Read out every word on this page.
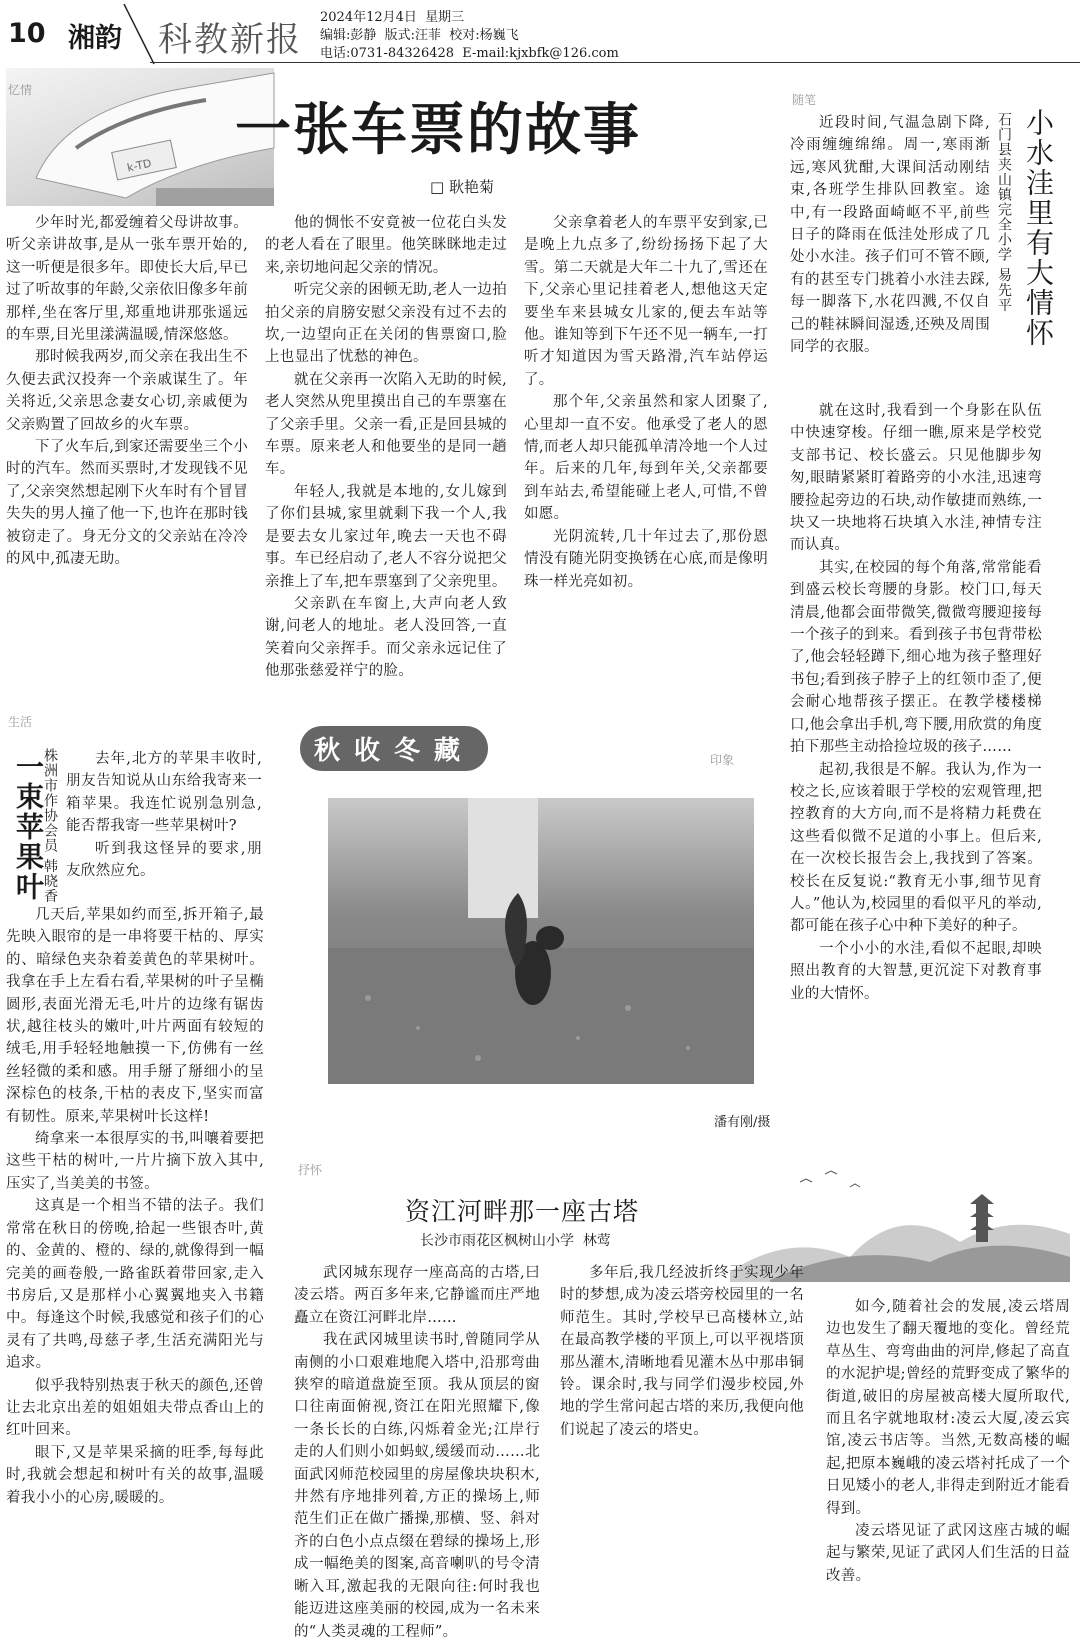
10 湘韵 科教新报
2024年12月4日  星期三
编辑:彭静  版式:汪菲  校对:杨巍飞
电话:0731-84326428  E-mail:kjxbfk@126.com
k-TD
忆情
一张车票的故事
□ 耿艳菊

少年时光,都爱缠着父母讲故事。听父亲讲故事,是从一张车票开始的,这一听便是很多年。即使长大后,早已过了听故事的年龄,父亲依旧像多年前那样,坐在客厅里,郑重地讲那张遥远的车票,目光里漾满温暖,情深悠悠。

那时候我两岁,而父亲在我出生不久便去武汉投奔一个亲戚谋生了。年关将近,父亲思念妻女心切,亲戚便为父亲购置了回故乡的火车票。

下了火车后,到家还需要坐三个小时的汽车。然而买票时,才发现钱不见了,父亲突然想起刚下火车时有个冒冒失失的男人撞了他一下,也许在那时钱被窃走了。身无分文的父亲站在冷冷的风中,孤凄无助。

他的惆怅不安竟被一位花白头发的老人看在了眼里。他笑眯眯地走过来,亲切地问起父亲的情况。

听完父亲的困顿无助,老人一边拍拍父亲的肩膀安慰父亲没有过不去的坎,一边望向正在关闭的售票窗口,脸上也显出了忧愁的神色。

就在父亲再一次陷入无助的时候,老人突然从兜里摸出自己的车票塞在了父亲手里。父亲一看,正是回县城的车票。原来老人和他要坐的是同一趟车。

年轻人,我就是本地的,女儿嫁到了你们县城,家里就剩下我一个人,我是要去女儿家过年,晚去一天也不碍事。车已经启动了,老人不容分说把父亲推上了车,把车票塞到了父亲兜里。

父亲趴在车窗上,大声向老人致谢,问老人的地址。老人没回答,一直笑着向父亲挥手。而父亲永远记住了他那张慈爱祥宁的脸。

父亲拿着老人的车票平安到家,已是晚上九点多了,纷纷扬扬下起了大雪。第二天就是大年二十九了,雪还在下,父亲心里记挂着老人,想他这天定要坐车来县城女儿家的,便去车站等他。谁知等到下午还不见一辆车,一打听才知道因为雪天路滑,汽车站停运了。

那个年,父亲虽然和家人团聚了,心里却一直不安。他承受了老人的恩情,而老人却只能孤单清冷地一个人过年。后来的几年,每到年关,父亲都要到车站去,希望能碰上老人,可惜,不曾如愿。

光阴流转,几十年过去了,那份恩情没有随光阴变换锈在心底,而是像明珠一样光亮如初。

随笔
小水洼里有大情怀
石门县夹山镇完全小学 易先平

近段时间,气温急剧下降,冷雨缠缠绵绵。周一,寒雨渐远,寒风犹酣,大课间活动刚结束,各班学生排队回教室。途中,有一段路面崎岖不平,前些日子的降雨在低洼处形成了几处小水洼。孩子们可不管不顾,有的甚至专门挑着小水洼去踩,每一脚落下,水花四溅,不仅自己的鞋袜瞬间湿透,还殃及周围同学的衣服。

就在这时,我看到一个身影在队伍中快速穿梭。仔细一瞧,原来是学校党支部书记、校长盛云。只见他脚步匆匆,眼睛紧紧盯着路旁的小水洼,迅速弯腰捡起旁边的石块,动作敏捷而熟练,一块又一块地将石块填入水洼,神情专注而认真。

其实,在校园的每个角落,常常能看到盛云校长弯腰的身影。校门口,每天清晨,他都会面带微笑,微微弯腰迎接每一个孩子的到来。看到孩子书包背带松了,他会轻轻蹲下,细心地为孩子整理好书包;看到孩子脖子上的红领巾歪了,便会耐心地帮孩子摆正。在教学楼楼梯口,他会拿出手机,弯下腰,用欣赏的角度拍下那些主动拾捡垃圾的孩子……

起初,我很是不解。我认为,作为一校之长,应该着眼于学校的宏观管理,把控教育的大方向,而不是将精力耗费在这些看似微不足道的小事上。但后来,在一次校长报告会上,我找到了答案。校长在反复说:“教育无小事,细节见育人。”他认为,校园里的看似平凡的举动,都可能在孩子心中种下美好的种子。

一个小小的水洼,看似不起眼,却映照出教育的大智慧,更沉淀下对教育事业的大情怀。

生活
一束苹果叶
株洲市作协会员 韩晓香	去年,北方的苹果丰收时,朋友告知说从山东给我寄来一箱苹果。我连忙说别急别急,能否帮我寄一些苹果树叶?

听到我这怪异的要求,朋友欣然应允。

几天后,苹果如约而至,拆开箱子,最先映入眼帘的是一串将要干枯的、厚实的、暗绿色夹杂着姜黄色的苹果树叶。我拿在手上左看右看,苹果树的叶子呈椭圆形,表面光滑无毛,叶片的边缘有锯齿状,越往枝头的嫩叶,叶片两面有较短的绒毛,用手轻轻地触摸一下,仿佛有一丝丝轻微的柔和感。用手掰了掰细小的呈深棕色的枝条,干枯的表皮下,坚实而富有韧性。原来,苹果树叶长这样!

绮拿来一本很厚实的书,叫嚷着要把这些干枯的树叶,一片片摘下放入其中,压实了,当美美的书签。

这真是一个相当不错的法子。我们常常在秋日的傍晚,拾起一些银杏叶,黄的、金黄的、橙的、绿的,就像得到一幅完美的画卷般,一路雀跃着带回家,走入书房后,又是那样小心翼翼地夹入书籍中。每逢这个时候,我感觉和孩子们的心灵有了共鸣,母慈子孝,生活充满阳光与追求。

似乎我特别热衷于秋天的颜色,还曾让去北京出差的姐姐姐夫带点香山上的红叶回来。

眼下,又是苹果采摘的旺季,每每此时,我就会想起和树叶有关的故事,温暖着我小小的心房,暖暖的。

秋收冬藏	印象
潘有刚/摄
抒怀
资江河畔那一座古塔
长沙市雨花区枫树山小学  林莺

武冈城东现存一座高高的古塔,曰凌云塔。两百多年来,它静谧而庄严地矗立在资江河畔北岸……

我在武冈城里读书时,曾随同学从南侧的小口艰难地爬入塔中,沿那弯曲狭窄的暗道盘旋至顶。我从顶层的窗口往南面俯视,资江在阳光照耀下,像一条长长的白练,闪烁着金光;江岸行走的人们则小如蚂蚁,缓缓而动……北面武冈师范校园里的房屋像块块积木,井然有序地排列着,方正的操场上,师范生们正在做广播操,那横、竖、斜对齐的白色小点点缀在碧绿的操场上,形成一幅绝美的图案,高音喇叭的号令清晰入耳,激起我的无限向往:何时我也能迈进这座美丽的校园,成为一名未来的“人类灵魂的工程师”。

多年后,我几经波折终于实现少年时的梦想,成为凌云塔旁校园里的一名师范生。其时,学校早已高楼林立,站在最高教学楼的平顶上,可以平视塔顶那丛灌木,清晰地看见灌木丛中那串铜铃。课余时,我与同学们漫步校园,外地的学生常问起古塔的来历,我便向他们说起了凌云的塔史。

如今,随着社会的发展,凌云塔周边也发生了翻天覆地的变化。曾经荒草丛生、弯弯曲曲的河岸,修起了高直的水泥护堤;曾经的荒野变成了繁华的街道,破旧的房屋被高楼大厦所取代,而且名字就地取材:凌云大厦,凌云宾馆,凌云书店等。当然,无数高楼的崛起,把原本巍峨的凌云塔衬托成了一个日见矮小的老人,非得走到附近才能看得到。

凌云塔见证了武冈这座古城的崛起与繁荣,见证了武冈人们生活的日益改善。
